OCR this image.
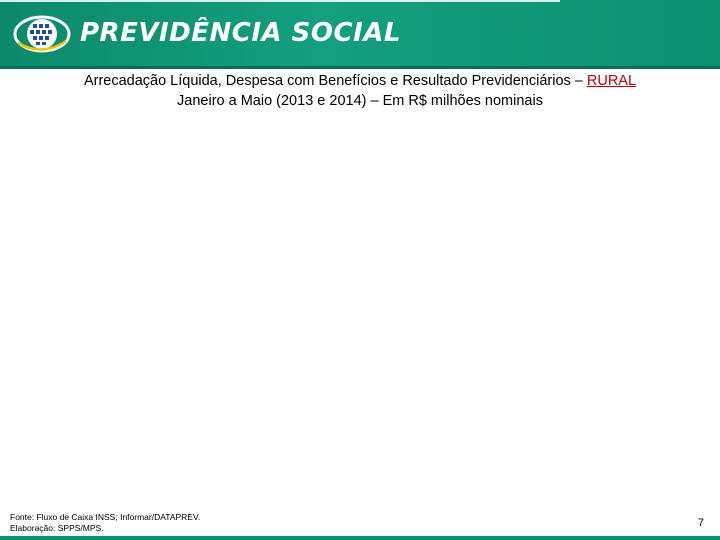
PREVIDÊNCIA SOCIAL
Arrecadação Líquida, Despesa com Benefícios e Resultado Previdenciários – RURAL
Janeiro a Maio (2013 e 2014) – Em R$ milhões nominais
Fonte: Fluxo de Caixa INSS; Informar/DATAPREV.
Elaboração: SPPS/MPS.	7
